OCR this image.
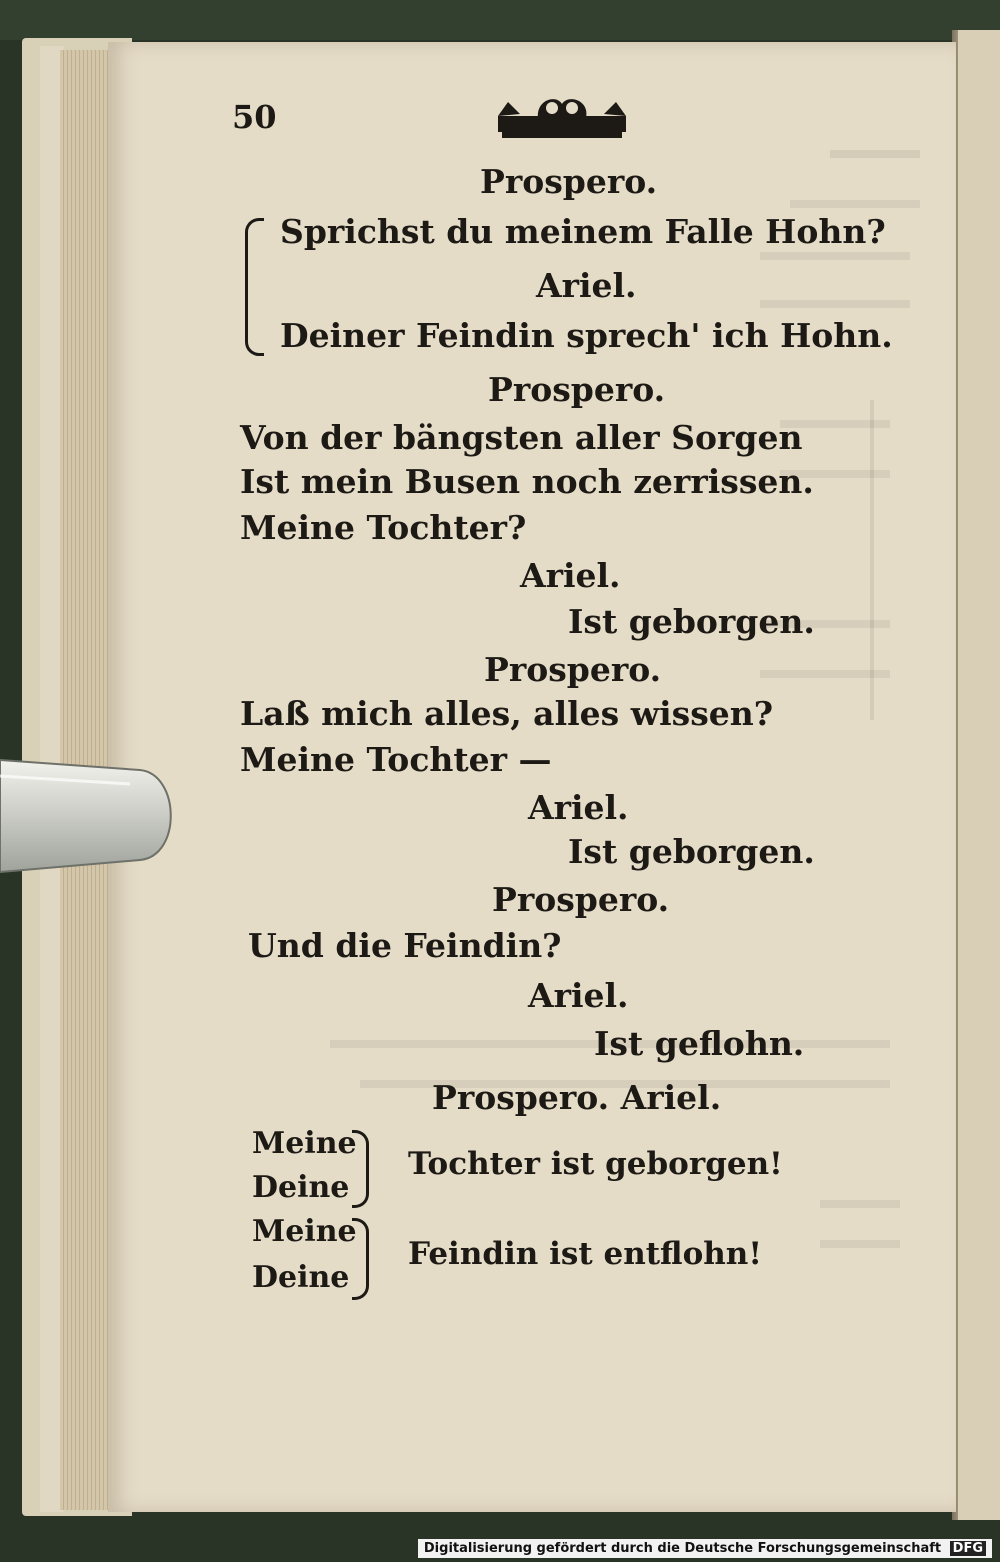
50
Prospero.
Sprichst du meinem Falle Hohn?
Ariel.
Deiner Feindin sprech' ich Hohn.
Prospero.
Von der bängsten aller Sorgen
Ist mein Busen noch zerrissen.
Meine Tochter?
Ariel.
Ist geborgen.
Prospero.
Laß mich alles, alles wissen?
Meine Tochter —
Ariel.
Ist geborgen.
Prospero.
Und die Feindin?
Ariel.
Ist geflohn.
Prospero. Ariel.
Meine
Deine
Tochter ist geborgen!
Meine
Deine
Feindin ist entflohn!
Digitalisierung gefördert durch die Deutsche Forschungsgemeinschaft DFG
